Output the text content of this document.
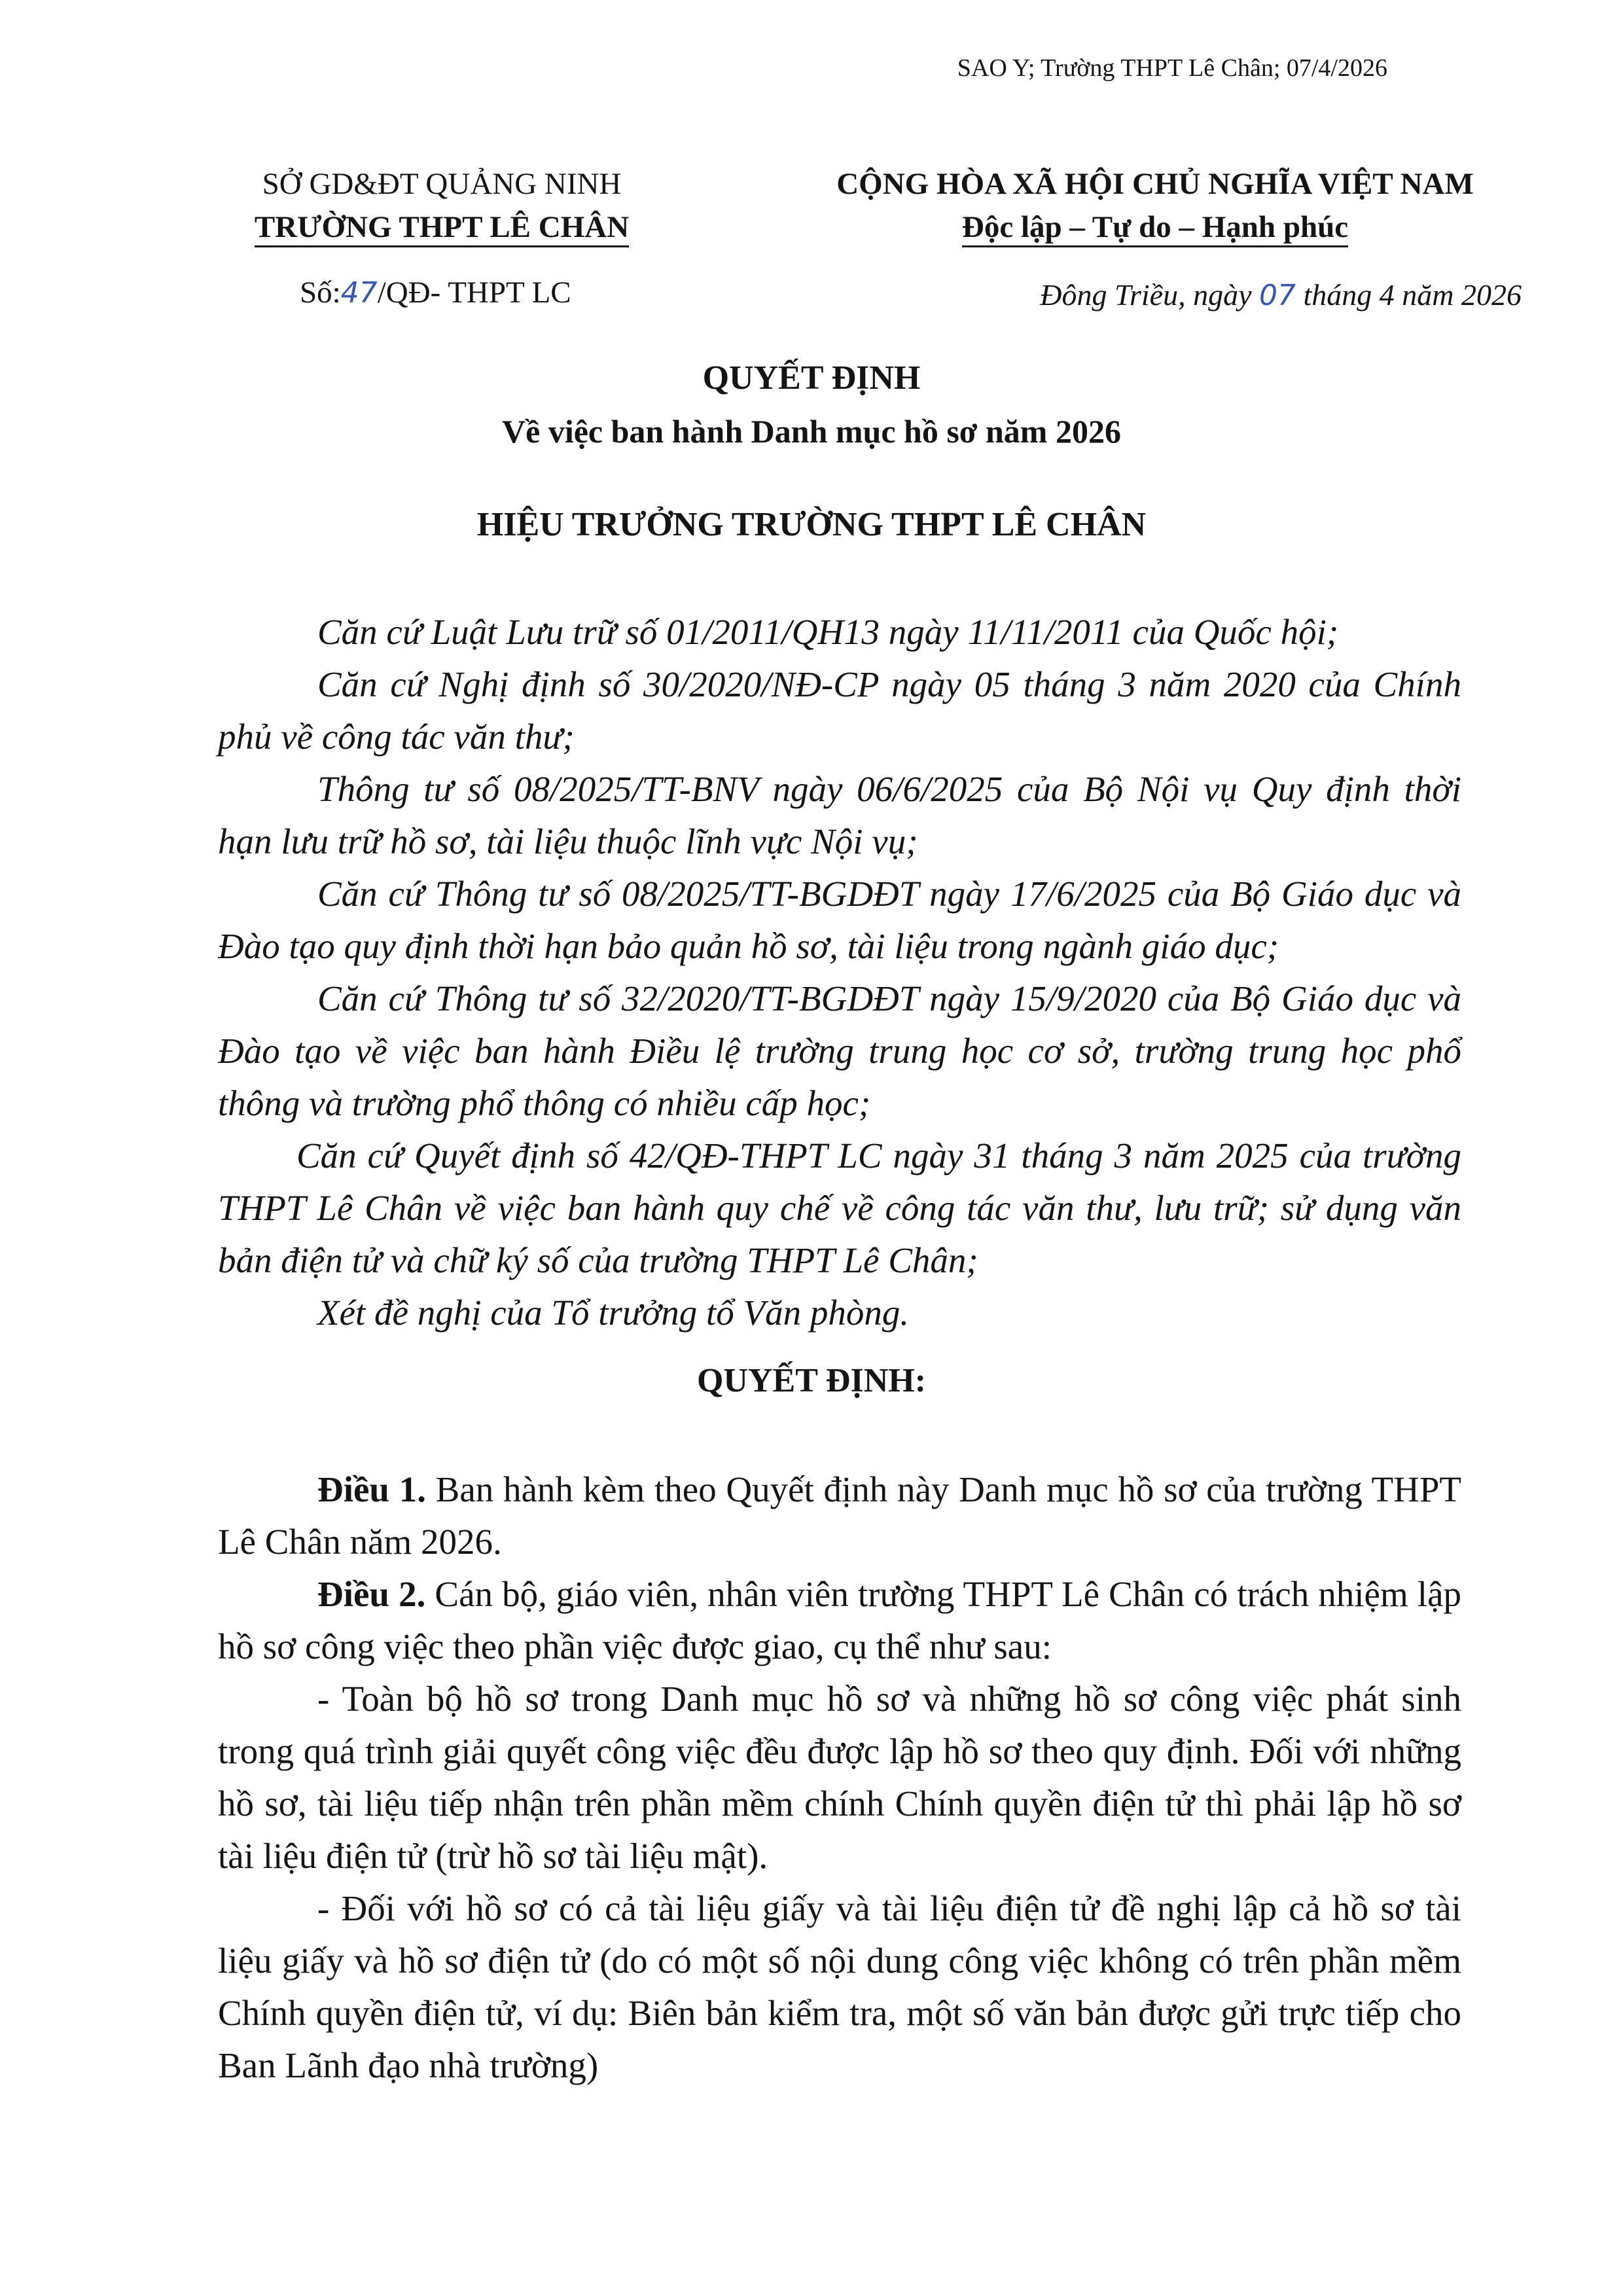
SAO Y; Trường THPT Lê Chân; 07/4/2026
SỞ GD&ĐT QUẢNG NINH
TRƯỜNG THPT LÊ CHÂN
CỘNG HÒA XÃ HỘI CHỦ NGHĨA VIỆT NAM
Độc lập – Tự do – Hạnh phúc
Số:47/QĐ- THPT LC	Đông Triều, ngày 07 tháng 4 năm 2026
QUYẾT ĐỊNH
Về việc ban hành Danh mục hồ sơ năm 2026
HIỆU TRƯỞNG TRƯỜNG THPT LÊ CHÂN

Căn cứ Luật Lưu trữ số 01/2011/QH13 ngày 11/11/2011 của Quốc hội;

Căn cứ Nghị định số 30/2020/NĐ-CP ngày 05 tháng 3 năm 2020 của Chính phủ về công tác văn thư;

Thông tư số 08/2025/TT-BNV ngày 06/6/2025 của Bộ Nội vụ Quy định thời hạn lưu trữ hồ sơ, tài liệu thuộc lĩnh vực Nội vụ;

Căn cứ Thông tư số 08/2025/TT-BGDĐT ngày 17/6/2025 của Bộ Giáo dục và Đào tạo quy định thời hạn bảo quản hồ sơ, tài liệu trong ngành giáo dục;

Căn cứ Thông tư số 32/2020/TT-BGDĐT ngày 15/9/2020 của Bộ Giáo dục và Đào tạo về việc ban hành Điều lệ trường trung học cơ sở, trường trung học phổ thông và trường phổ thông có nhiều cấp học;

Căn cứ Quyết định số 42/QĐ-THPT LC ngày 31 tháng 3 năm 2025 của trường THPT Lê Chân về việc ban hành quy chế về công tác văn thư, lưu trữ; sử dụng văn bản điện tử và chữ ký số của trường THPT Lê Chân;

Xét đề nghị của Tổ trưởng tổ Văn phòng.

QUYẾT ĐỊNH:

Điều 1. Ban hành kèm theo Quyết định này Danh mục hồ sơ của trường THPT Lê Chân năm 2026.

Điều 2. Cán bộ, giáo viên, nhân viên trường THPT Lê Chân có trách nhiệm lập hồ sơ công việc theo phần việc được giao, cụ thể như sau:

- Toàn bộ hồ sơ trong Danh mục hồ sơ và những hồ sơ công việc phát sinh trong quá trình giải quyết công việc đều được lập hồ sơ theo quy định. Đối với những hồ sơ, tài liệu tiếp nhận trên phần mềm chính Chính quyền điện tử thì phải lập hồ sơ tài liệu điện tử (trừ hồ sơ tài liệu mật).

- Đối với hồ sơ có cả tài liệu giấy và tài liệu điện tử đề nghị lập cả hồ sơ tài liệu giấy và hồ sơ điện tử (do có một số nội dung công việc không có trên phần mềm Chính quyền điện tử, ví dụ: Biên bản kiểm tra, một số văn bản được gửi trực tiếp cho Ban Lãnh đạo nhà trường)
